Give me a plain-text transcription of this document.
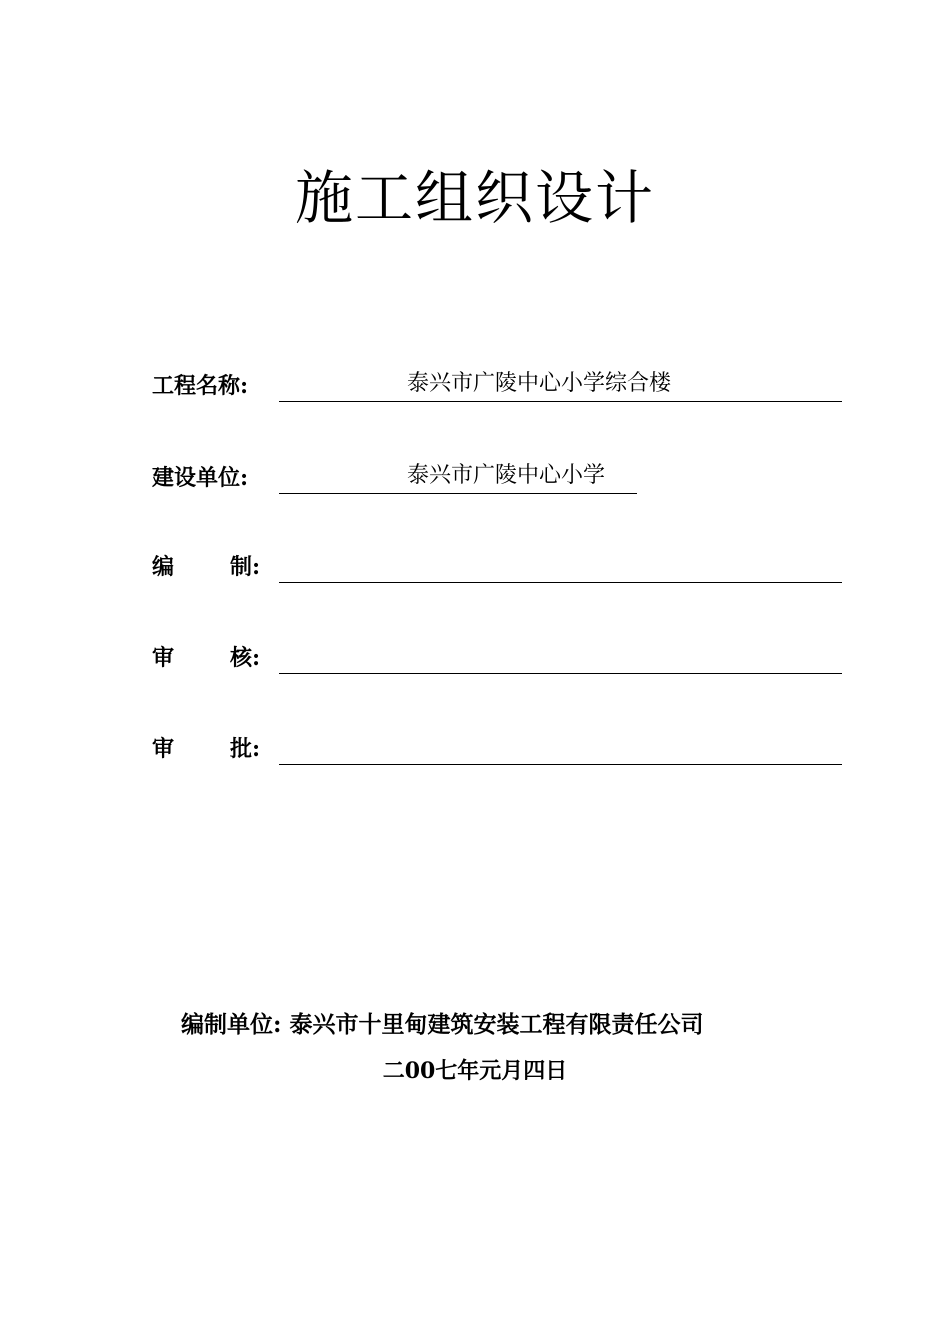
施工组织设计
工程名称:	泰兴市广陵中心小学综合楼
建设单位:	泰兴市广陵中心小学
编	制:
审	核:
审	批:
编制单位: 泰兴市十里甸建筑安装工程有限责任公司
二00七年元月四日
